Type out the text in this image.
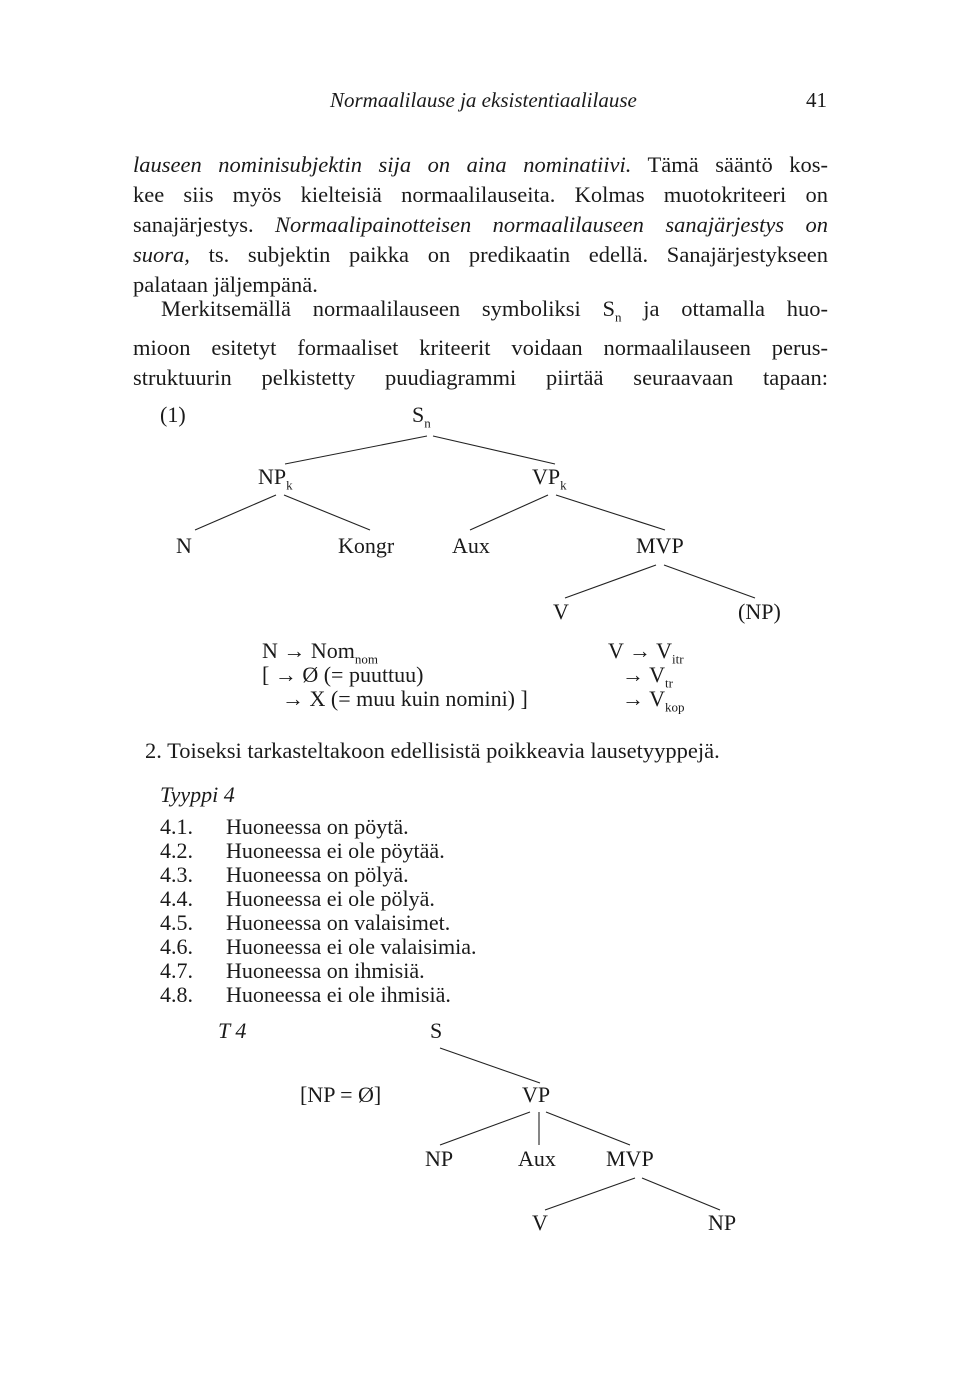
Normaalilause ja eksistentiaalilause	41
lauseen nominisubjektin sija on aina nominatiivi. Tämä sääntö kos-
kee siis myös kielteisiä normaalilauseita. Kolmas muotokriteeri on
sanajärjestys. Normaalipainotteisen normaalilauseen sanajärjestys on
suora, ts. subjektin paikka on predikaatin edellä. Sanajärjestykseen
palataan jäljempänä.
Merkitsemällä normaalilauseen symboliksi $S_n$ ja ottamalla huo-
mioon esitetyt formaaliset kriteerit voidaan normaalilauseen perus-
struktuurin pelkistetty puudiagrammi piirtää seuraavaan tapaan:
(1)	$S_n$
$NP_k$	$VP_k$
N	Kongr	Aux	MVP
V	(NP)
N → Nom$_{nom}$
[ → Ø (= puuttuu)
→ X (= muu kuin nomini) ]
$V \to V_{itr}$
→ $V_{tr}$
→ $V_{kop}$
2. Toiseksi tarkasteltakoon edellisistä poikkeavia lausetyyppejä.
Tyyppi 4
4.1. Huoneessa on pöytä.
4.2. Huoneessa ei ole pöytää.
4.3. Huoneessa on pölyä.
4.4. Huoneessa ei ole pölyä.
4.5. Huoneessa on valaisimet.
4.6. Huoneessa ei ole valaisimia.
4.7. Huoneessa on ihmisiä.
4.8. Huoneessa ei ole ihmisiä.
T 4	S
[NP = Ø]	VP
NP	Aux MVP
V	NP
